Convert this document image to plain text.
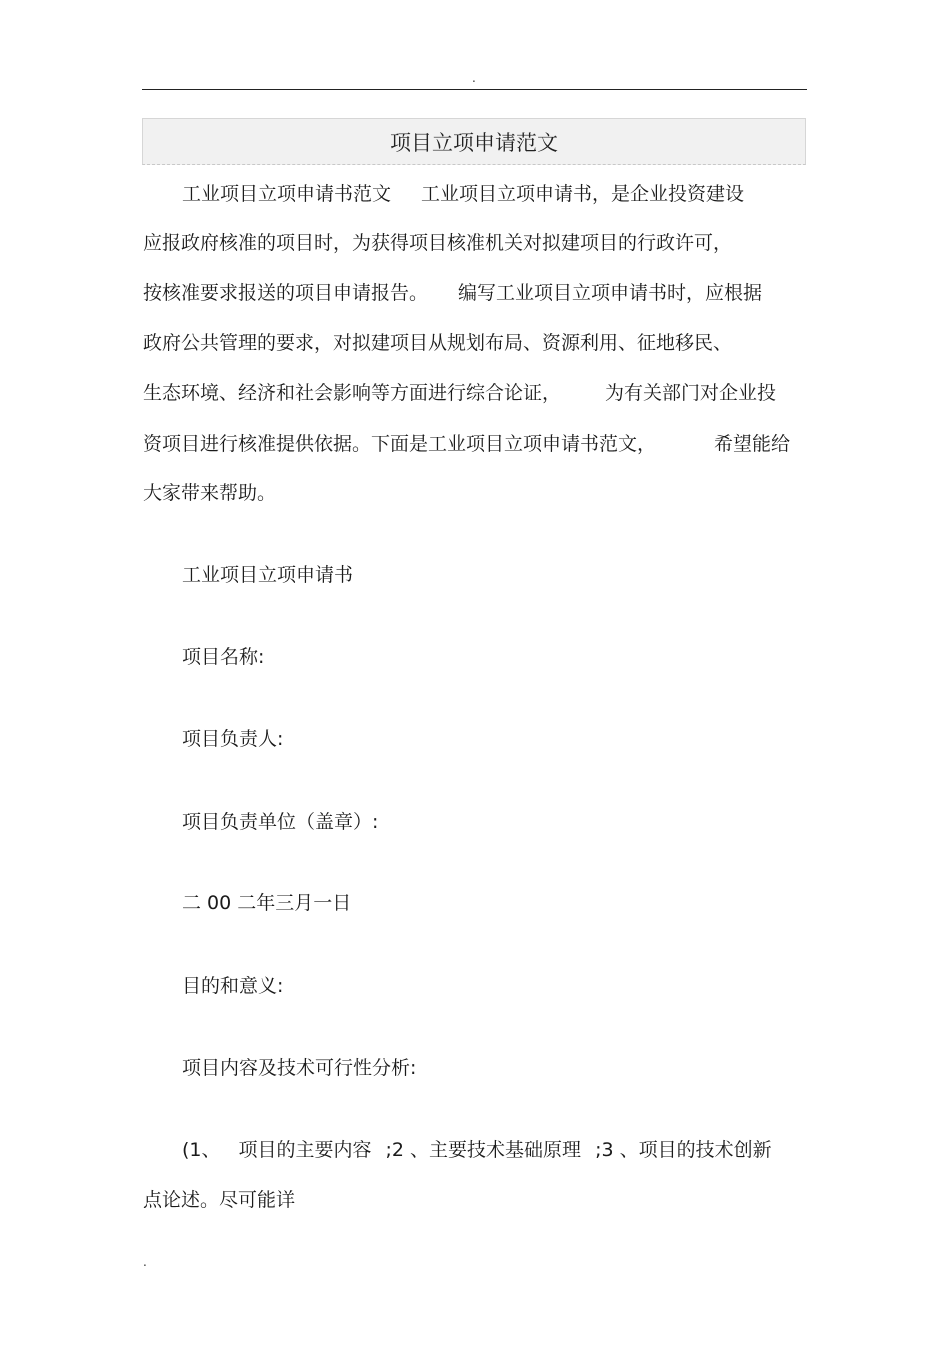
.
项目立项申请范文
工业项目立项申请书范文 工业项目立项申请书，是企业投资建设
应报政府核准的项目时，为获得项目核准机关对拟建项目的行政许可，
按核准要求报送的项目申请报告。 编写工业项目立项申请书时，应根据
政府公共管理的要求，对拟建项目从规划布局、资源利用、征地移民、
生态环境、经济和社会影响等方面进行综合论证， 为有关部门对企业投
资项目进行核准提供依据。下面是工业项目立项申请书范文，	希望能给
大家带来帮助。
工业项目立项申请书
项目名称:
项目负责人:
项目负责单位（盖章）:
二 00 二年三月一日
目的和意义:
项目内容及技术可行性分析:
(1、 项目的主要内容 ;2 、主要技术基础原理 ;3 、项目的技术创新
点论述。尽可能详
.
